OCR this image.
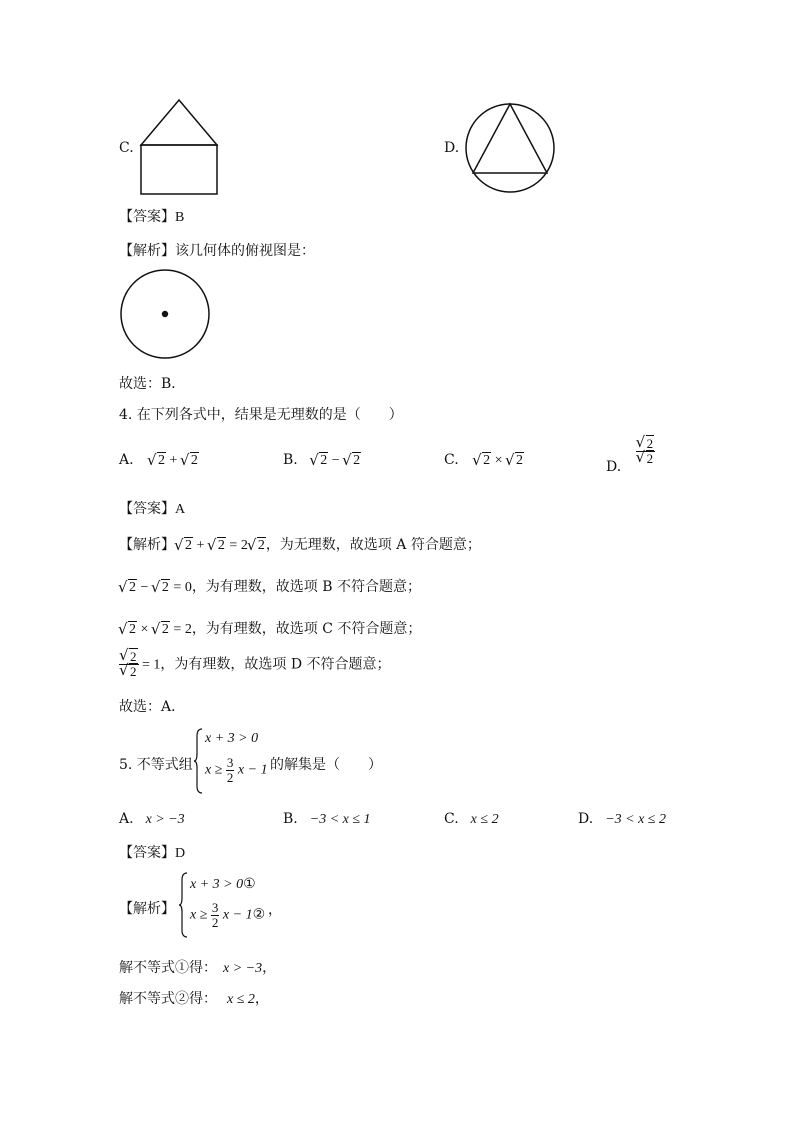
C.	D.
【答案】B
【解析】该几何体的俯视图是：
故选：B．
4. 在下列各式中，结果是无理数的是（　　）
A. √ 2 + √ 2	B. √ 2 − √ 2	C. √ 2 × √ 2	D.
√ 2
√ 2
【答案】A
【解析】 √ 2 + √ 2 = 2 √ 2，为无理数，故选项 A 符合题意；
√ 2 − √ 2 = 0，为有理数，故选项 B 不符合题意；
√ 2 × √ 2 = 2，为有理数，故选项 C 不符合题意；
√ 2
√ 2 = 1，为有理数，故选项 D 不符合题意；
故选：A．
5. 不等式组
x + 3 > 0
$x \ge \frac{3}{2}$ x − 1 的解集是（　　）
A. x > −3	B. −3 < x ≤ 1	C. x ≤ 2	D. −3 < x ≤ 2
【答案】D
【解析】
x + 3 > 0①
$x \ge \frac{3}{2}$ x − 1② ，
解不等式①得： x > −3，
解不等式②得： x ≤ 2，
